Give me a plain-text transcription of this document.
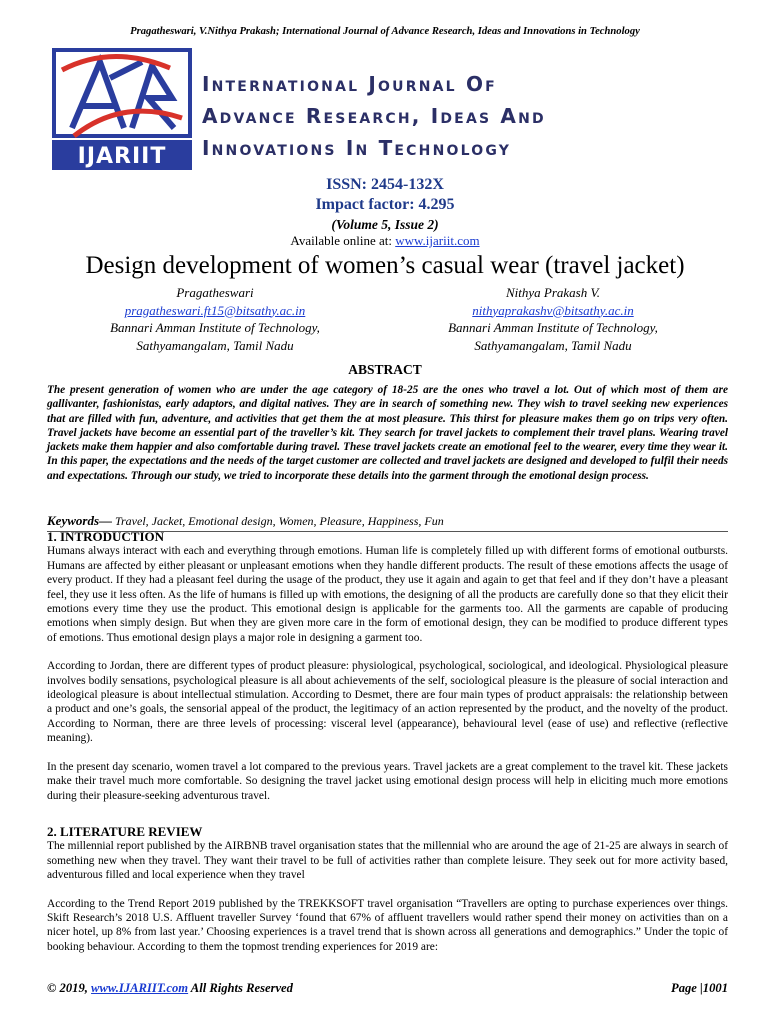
Pragatheswari, V.Nithya Prakash; International Journal of Advance Research, Ideas and Innovations in Technology
IJARIIT
International Journal Of
Advance Research, Ideas And
Innovations In Technology
ISSN: 2454-132X
Impact factor: 4.295
(Volume 5, Issue 2)
Available online at: www.ijariit.com
Design development of women’s casual wear (travel jacket)
Pragatheswari
pragatheswari.ft15@bitsathy.ac.in
Bannari Amman Institute of Technology,
Sathyamangalam, Tamil Nadu
Nithya Prakash V.
nithyaprakashv@bitsathy.ac.in
Bannari Amman Institute of Technology,
Sathyamangalam, Tamil Nadu
ABSTRACT
The present generation of women who are under the age category of 18-25 are the ones who travel a lot. Out of which most of them are gallivanter, fashionistas, early adaptors, and digital natives. They are in search of something new. They wish to travel seeking new experiences that are filled with fun, adventure, and activities that get them the at most pleasure. This thirst for pleasure makes them go on trips very often. Travel jackets have become an essential part of the traveller’s kit. They search for travel jackets to complement their travel plans. Wearing travel jackets make them happier and also comfortable during travel. These travel jackets create an emotional feel to the wearer, every time they wear it. In this paper, the expectations and the needs of the target customer are collected and travel jackets are designed and developed to fulfil their needs and expectations. Through our study, we tried to incorporate these details into the garment through the emotional design process.
Keywords— Travel, Jacket, Emotional design, Women, Pleasure, Happiness, Fun
1. INTRODUCTION
Humans always interact with each and everything through emotions. Human life is completely filled up with different forms of emotional outbursts. Humans are affected by either pleasant or unpleasant emotions when they handle different products. The result of these emotions affects the usage of every product. If they had a pleasant feel during the usage of the product, they use it again and again to get that feel and if they don’t have a pleasant feel, they use it less often. As the life of humans is filled up with emotions, the designing of all the products are carefully done so that they elicit their emotions every time they use the product. This emotional design is applicable for the garments too. All the garments are capable of producing emotions when simply design. But when they are given more care in the form of emotional design, they can be modified to produce different types of emotions. Thus emotional design plays a major role in designing a garment too.
According to Jordan, there are different types of product pleasure: physiological, psychological, sociological, and ideological. Physiological pleasure involves bodily sensations, psychological pleasure is all about achievements of the self, sociological pleasure is the pleasure of social interaction and ideological pleasure is about intellectual stimulation. According to Desmet, there are four main types of product appraisals: the relationship between a product and one’s goals, the sensorial appeal of the product, the legitimacy of an action represented by the product, and the novelty of the product. According to Norman, there are three levels of processing: visceral level (appearance), behavioural level (ease of use) and reflective (reflective meaning).
In the present day scenario, women travel a lot compared to the previous years. Travel jackets are a great complement to the travel kit. These jackets make their travel much more comfortable. So designing the travel jacket using emotional design process will help in eliciting much more emotions during their pleasure-seeking adventurous travel.
2. LITERATURE REVIEW
The millennial report published by the AIRBNB travel organisation states that the millennial who are around the age of 21-25 are always in search of something new when they travel. They want their travel to be full of activities rather than complete leisure. They seek out for more activity based, adventurous filled and local experience when they travel
According to the Trend Report 2019 published by the TREKKSOFT travel organisation “Travellers are opting to purchase experiences over things. Skift Research’s 2018 U.S. Affluent traveller Survey ‘found that 67% of affluent travellers would rather spend their money on activities than on a nicer hotel, up 8% from last year.’ Choosing experiences is a travel trend that is shown across all generations and demographics.” Under the topic of booking behaviour. According to them the topmost trending experiences for 2019 are:
© 2019, www.IJARIIT.com All Rights Reserved	Page |1001
